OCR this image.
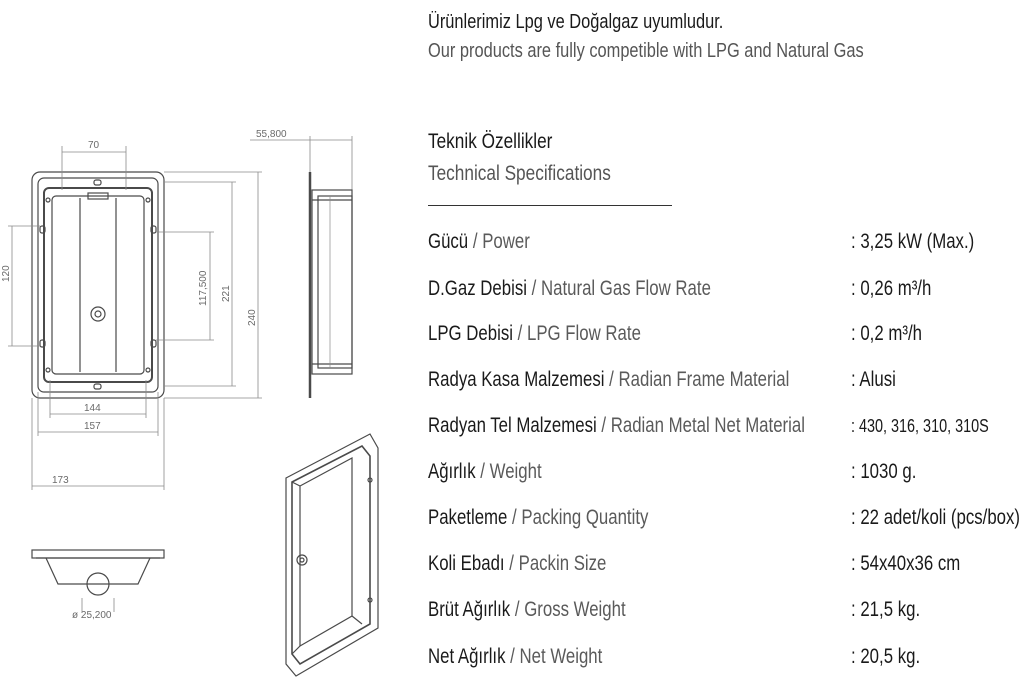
70
120	117,500 221
240
144
157
173
55,800
ø 25,200
Ürünlerimiz Lpg ve Doğalgaz uyumludur.
Our products are fully competible with LPG and Natural Gas
Teknik Özellikler
Technical Specifications
Gücü / Power	: 3,25 kW (Max.)
D.Gaz Debisi / Natural Gas Flow Rate	: 0,26 m³/h
LPG Debisi / LPG Flow Rate	: 0,2 m³/h
Radya Kasa Malzemesi / Radian Frame Material	: Alusi
Radyan Tel Malzemesi / Radian Metal Net Material	: 430, 316, 310, 310S
Ağırlık / Weight	: 1030 g.
Paketleme / Packing Quantity	: 22 adet/koli (pcs/box)
Koli Ebadı / Packin Size	: 54x40x36 cm
Brüt Ağırlık / Gross Weight	: 21,5 kg.
Net Ağırlık / Net Weight	: 20,5 kg.
